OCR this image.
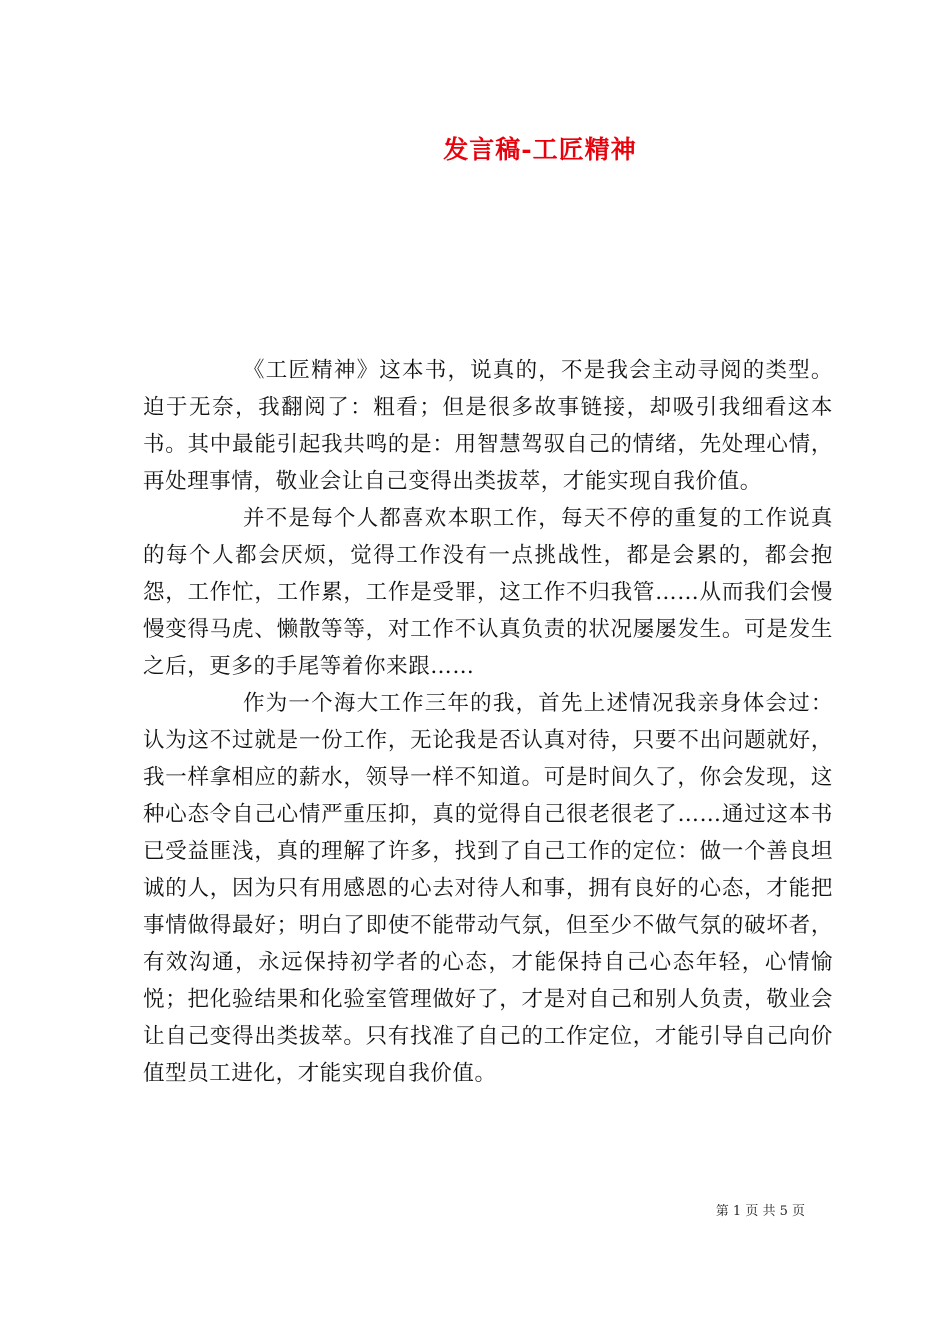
发言稿-工匠精神

《工匠精神》这本书，说真的，不是我会主动寻阅的类型。迫于无奈，我翻阅了：粗看；但是很多故事链接，却吸引我细看这本书。其中最能引起我共鸣的是：用智慧驾驭自己的情绪，先处理心情，再处理事情，敬业会让自己变得出类拔萃，才能实现自我价值。

并不是每个人都喜欢本职工作，每天不停的重复的工作说真的每个人都会厌烦，觉得工作没有一点挑战性，都是会累的，都会抱怨，工作忙，工作累，工作是受罪，这工作不归我管……从而我们会慢慢变得马虎、懒散等等，对工作不认真负责的状况屡屡发生。可是发生之后，更多的手尾等着你来跟……

作为一个海大工作三年的我，首先上述情况我亲身体会过：认为这不过就是一份工作，无论我是否认真对待，只要不出问题就好，我一样拿相应的薪水，领导一样不知道。可是时间久了，你会发现，这种心态令自己心情严重压抑，真的觉得自己很老很老了……通过这本书已受益匪浅，真的理解了许多，找到了自己工作的定位：做一个善良坦诚的人，因为只有用感恩的心去对待人和事，拥有良好的心态，才能把事情做得最好；明白了即使不能带动气氛，但至少不做气氛的破坏者，有效沟通，永远保持初学者的心态，才能保持自己心态年轻，心情愉悦；把化验结果和化验室管理做好了，才是对自己和别人负责，敬业会让自己变得出类拔萃。只有找准了自己的工作定位，才能引导自己向价值型员工进化，才能实现自我价值。

第 1 页 共 5 页
